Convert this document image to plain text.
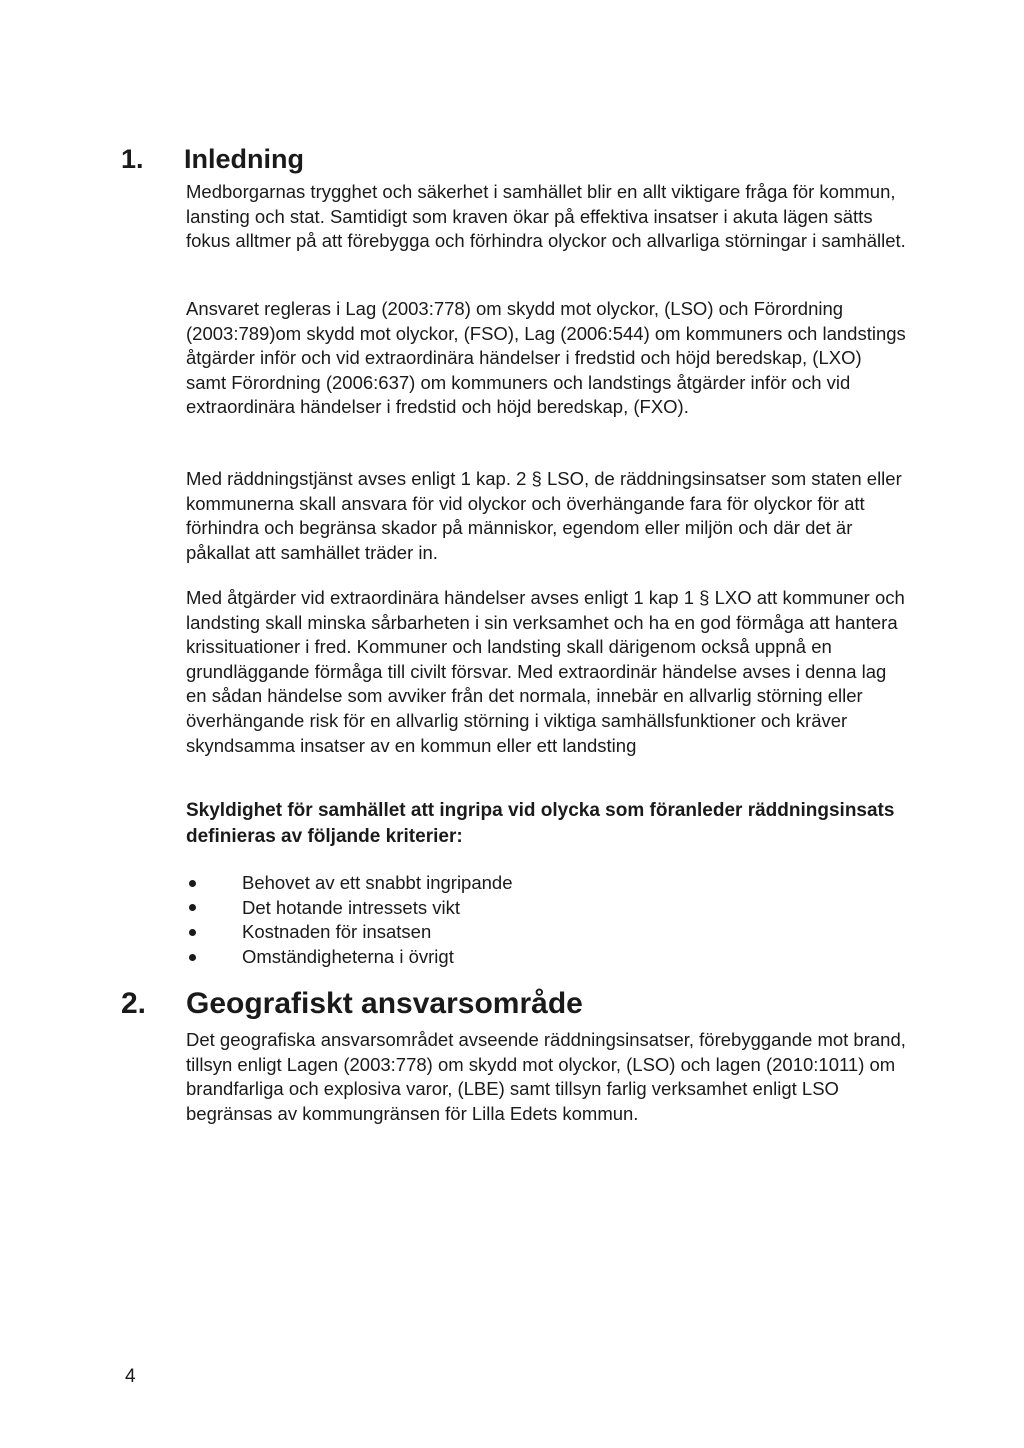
1.	Inledning

Medborgarnas trygghet och säkerhet i samhället blir en allt viktigare fråga för kommun, lansting och stat. Samtidigt som kraven ökar på effektiva insatser i akuta lägen sätts fokus alltmer på att förebygga och förhindra olyckor och allvarliga störningar i samhället.

Ansvaret regleras i Lag (2003:778) om skydd mot olyckor, (LSO) och Förordning (2003:789)om skydd mot olyckor, (FSO), Lag (2006:544) om kommuners och landstings åtgärder inför och vid extraordinära händelser i fredstid och höjd beredskap, (LXO) samt Förordning (2006:637) om kommuners och landstings åtgärder inför och vid extraordinära händelser i fredstid och höjd beredskap, (FXO).

Med räddningstjänst avses enligt 1 kap. 2 § LSO, de räddningsinsatser som staten eller kommunerna skall ansvara för vid olyckor och överhängande fara för olyckor för att förhindra och begränsa skador på människor, egendom eller miljön och där det är påkallat att samhället träder in.

Med åtgärder vid extraordinära händelser avses enligt 1 kap 1 § LXO att kommuner och landsting skall minska sårbarheten i sin verksamhet och ha en god förmåga att hantera krissituationer i fred. Kommuner och landsting skall därigenom också uppnå en grundläggande förmåga till civilt försvar. Med extraordinär händelse avses i denna lag en sådan händelse som avviker från det normala, innebär en allvarlig störning eller överhängande risk för en allvarlig störning i viktiga samhällsfunktioner och kräver skyndsamma insatser av en kommun eller ett landsting

Skyldighet för samhället att ingripa vid olycka som föranleder räddningsinsats definieras av följande kriterier:

Behovet av ett snabbt ingripande
Det hotande intressets vikt
Kostnaden för insatsen
Omständigheterna i övrigt
2.	Geografiskt ansvarsområde

Det geografiska ansvarsområdet avseende räddningsinsatser, förebyggande mot brand, tillsyn enligt Lagen (2003:778) om skydd mot olyckor, (LSO) och lagen (2010:1011) om brandfarliga och explosiva varor, (LBE) samt tillsyn farlig verksamhet enligt LSO begränsas av kommungränsen för Lilla Edets kommun.

4
